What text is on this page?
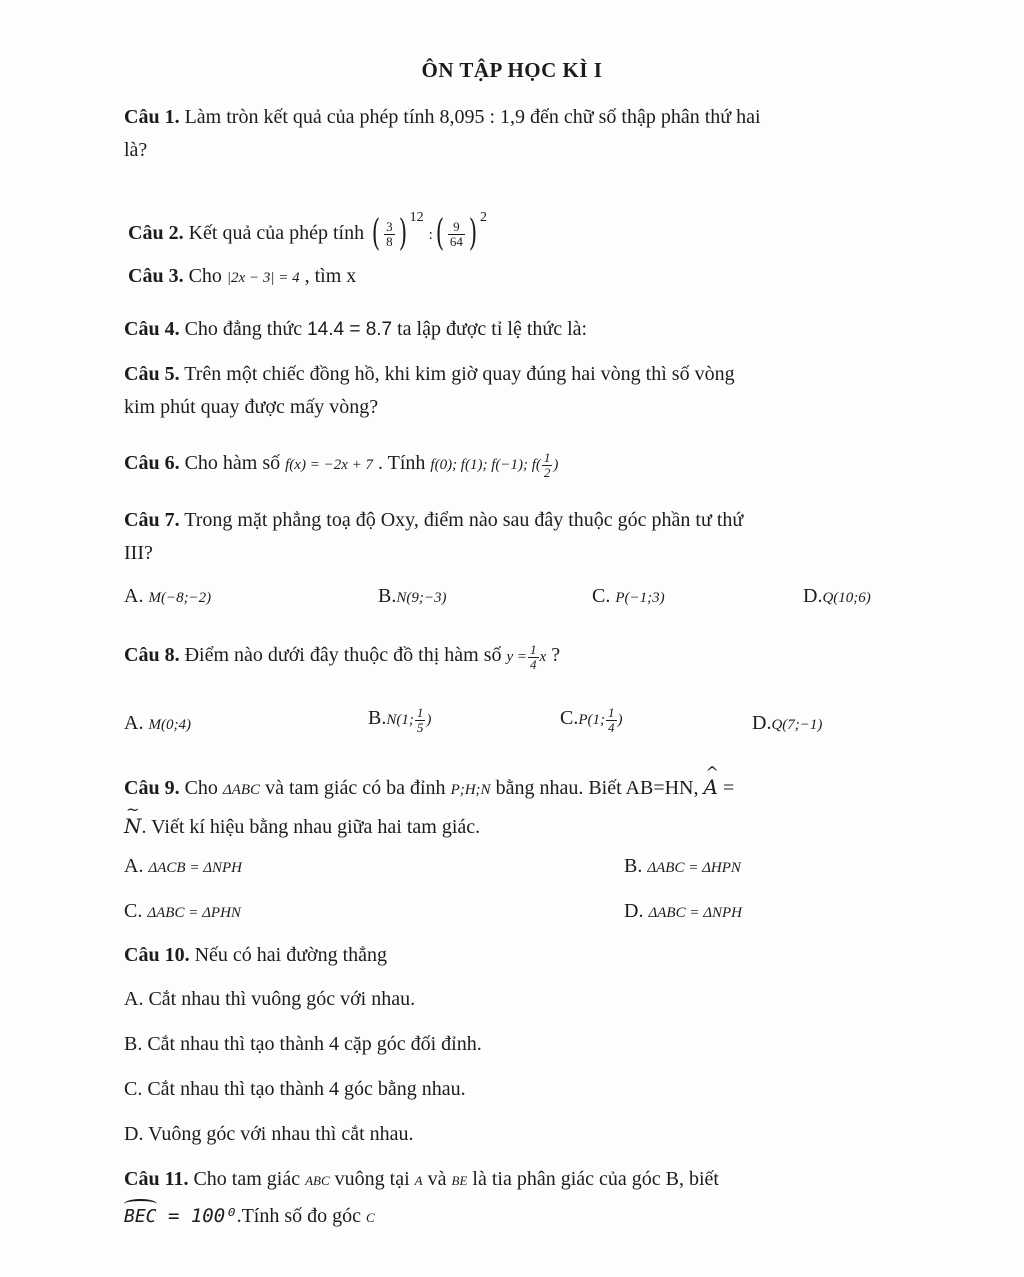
ÔN TẬP HỌC KÌ I
Câu 1. Làm tròn kết quả của phép tính 8,095 : 1,9 đến chữ số thập phân thứ hai
là?
Câu 2. Kết quả của phép tính ( $\frac{3}{8}$ ) $^{12}$ :( $\frac{9}{64}$ ) $^2$
Câu 3. Cho |2x − 3| = 4 , tìm x
Câu 4. Cho đẳng thức 14.4 = 8.7 ta lập được tỉ lệ thức là:
Câu 5. Trên một chiếc đồng hồ, khi kim giờ quay đúng hai vòng thì số vòng
kim phút quay được mấy vòng?
Câu 6. Cho hàm số f(x) = −2x + 7 . Tính f(0); f(1); f(−1); $f( \frac{1}{2}$ )
Câu 7. Trong mặt phẳng toạ độ Oxy, điểm nào sau đây thuộc góc phần tư thứ
III?
A. M(−8;−2)	B.N(9;−3)	C. P(−1;3)	D.Q(10;6)
Câu 8. Điểm nào dưới đây thuộc đồ thị hàm số $y = \frac{1}{4}$ x ?
A. M(0;4)	B.N(1; $\frac{1}{5}$ )	C.P(1; $\frac{1}{4}$ )	D.Q(7;−1)
Câu 9. Cho ΔABC và tam giác có ba đỉnh P;H;N bằng nhau. Biết AB=HN, ^ A =
~ N. Viết kí hiệu bằng nhau giữa hai tam giác.
A. ΔACB = ΔNPH	B. ΔABC = ΔHPN
C. ΔABC = ΔPHN	D. ΔABC = ΔNPH
Câu 10. Nếu có hai đường thẳng
A. Cắt nhau thì vuông góc với nhau.
B. Cắt nhau thì tạo thành 4 cặp góc đối đỉnh.
C. Cắt nhau thì tạo thành 4 góc bằng nhau.
D. Vuông góc với nhau thì cắt nhau.
Câu 11. Cho tam giác ABC vuông tại A và BE là tia phân giác của góc B, biết
BEC = 100⁰.Tính số đo góc C
